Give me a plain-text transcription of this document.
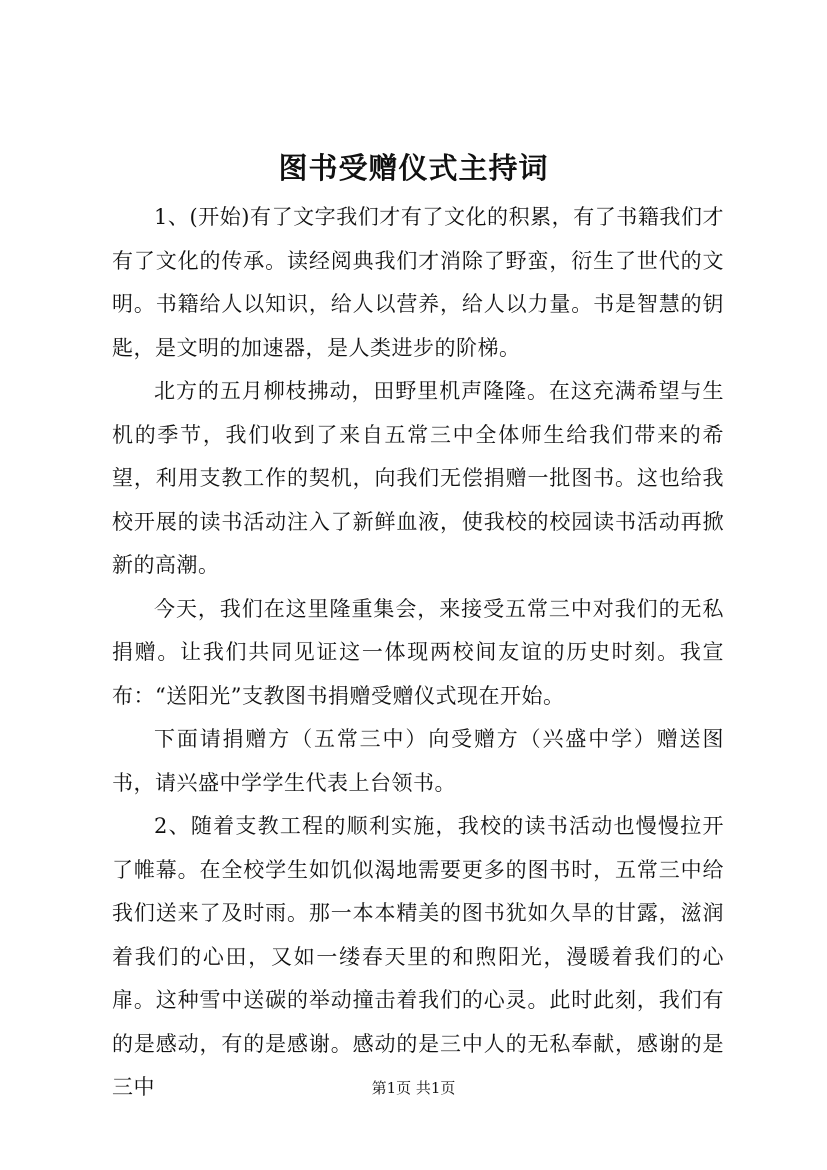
图书受赠仪式主持词

1、(开始)有了文字我们才有了文化的积累，有了书籍我们才有了文化的传承。读经阅典我们才消除了野蛮，衍生了世代的文明。书籍给人以知识，给人以营养，给人以力量。书是智慧的钥匙，是文明的加速器，是人类进步的阶梯。

北方的五月柳枝拂动，田野里机声隆隆。在这充满希望与生机的季节，我们收到了来自五常三中全体师生给我们带来的希望，利用支教工作的契机，向我们无偿捐赠一批图书。这也给我校开展的读书活动注入了新鲜血液，使我校的校园读书活动再掀新的高潮。

今天，我们在这里隆重集会，来接受五常三中对我们的无私捐赠。让我们共同见证这一体现两校间友谊的历史时刻。我宣布：“送阳光”支教图书捐赠受赠仪式现在开始。

下面请捐赠方（五常三中）向受赠方（兴盛中学）赠送图书，请兴盛中学学生代表上台领书。

2、随着支教工程的顺利实施，我校的读书活动也慢慢拉开了帷幕。在全校学生如饥似渴地需要更多的图书时，五常三中给我们送来了及时雨。那一本本精美的图书犹如久旱的甘露，滋润着我们的心田，又如一缕春天里的和煦阳光，漫暖着我们的心扉。这种雪中送碳的举动撞击着我们的心灵。此时此刻，我们有的是感动，有的是感谢。感动的是三中人的无私奉献，感谢的是三中	第1页 共1页
